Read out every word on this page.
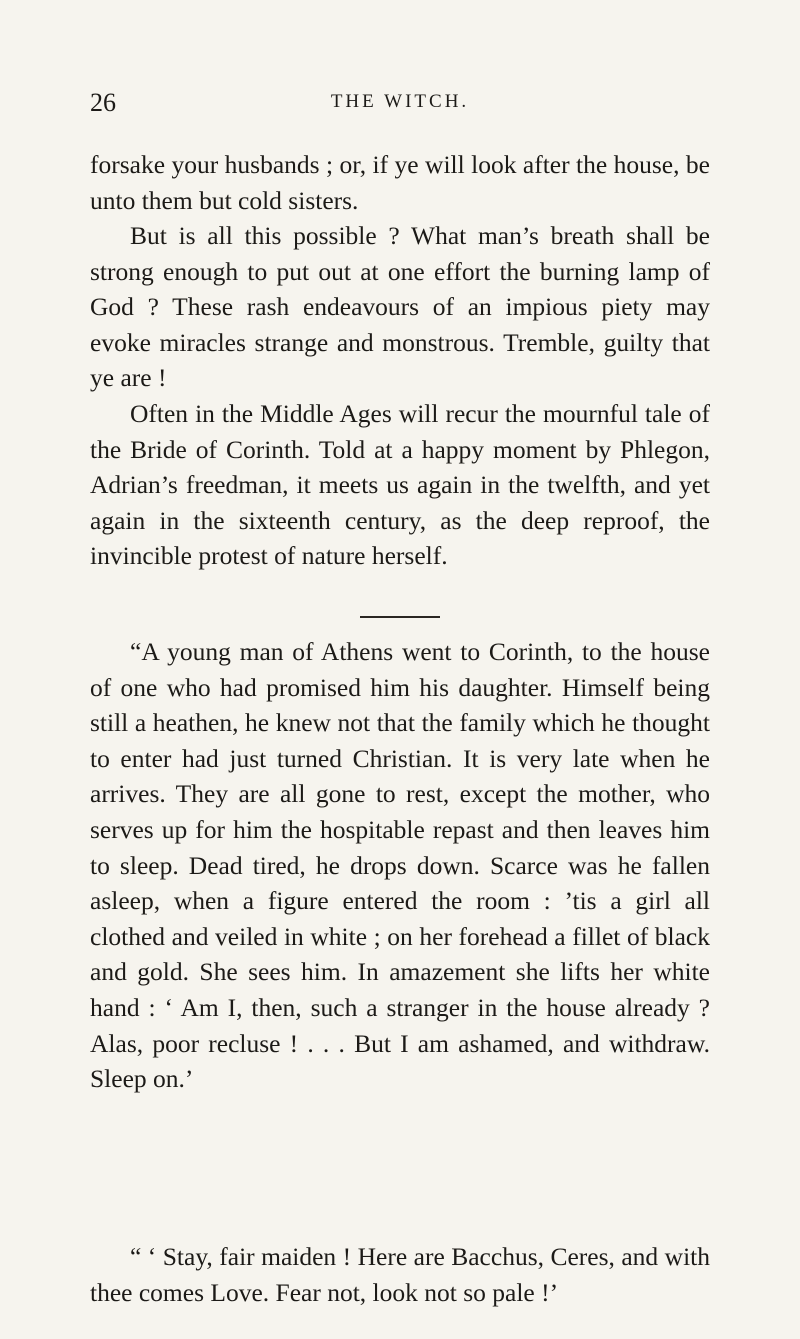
26	THE WITCH.

forsake your husbands ; or, if ye will look after the house, be unto them but cold sisters.

But is all this possible ? What man’s breath shall be strong enough to put out at one effort the burning lamp of God ? These rash endeavours of an impious piety may evoke miracles strange and monstrous. Tremble, guilty that ye are !

Often in the Middle Ages will recur the mournful tale of the Bride of Corinth. Told at a happy moment by Phlegon, Adrian’s freedman, it meets us again in the twelfth, and yet again in the sixteenth century, as the deep reproof, the invincible protest of nature herself.

“A young man of Athens went to Corinth, to the house of one who had promised him his daughter. Himself being still a heathen, he knew not that the family which he thought to enter had just turned Christian. It is very late when he arrives. They are all gone to rest, except the mother, who serves up for him the hospitable repast and then leaves him to sleep. Dead tired, he drops down. Scarce was he fallen asleep, when a figure entered the room : ’tis a girl all clothed and veiled in white ; on her forehead a fillet of black and gold. She sees him. In amazement she lifts her white hand : ‘ Am I, then, such a stranger in the house already ? Alas, poor recluse ! . . . But I am ashamed, and withdraw. Sleep on.’

“ ‘ Stay, fair maiden ! Here are Bacchus, Ceres, and with thee comes Love. Fear not, look not so pale !’
